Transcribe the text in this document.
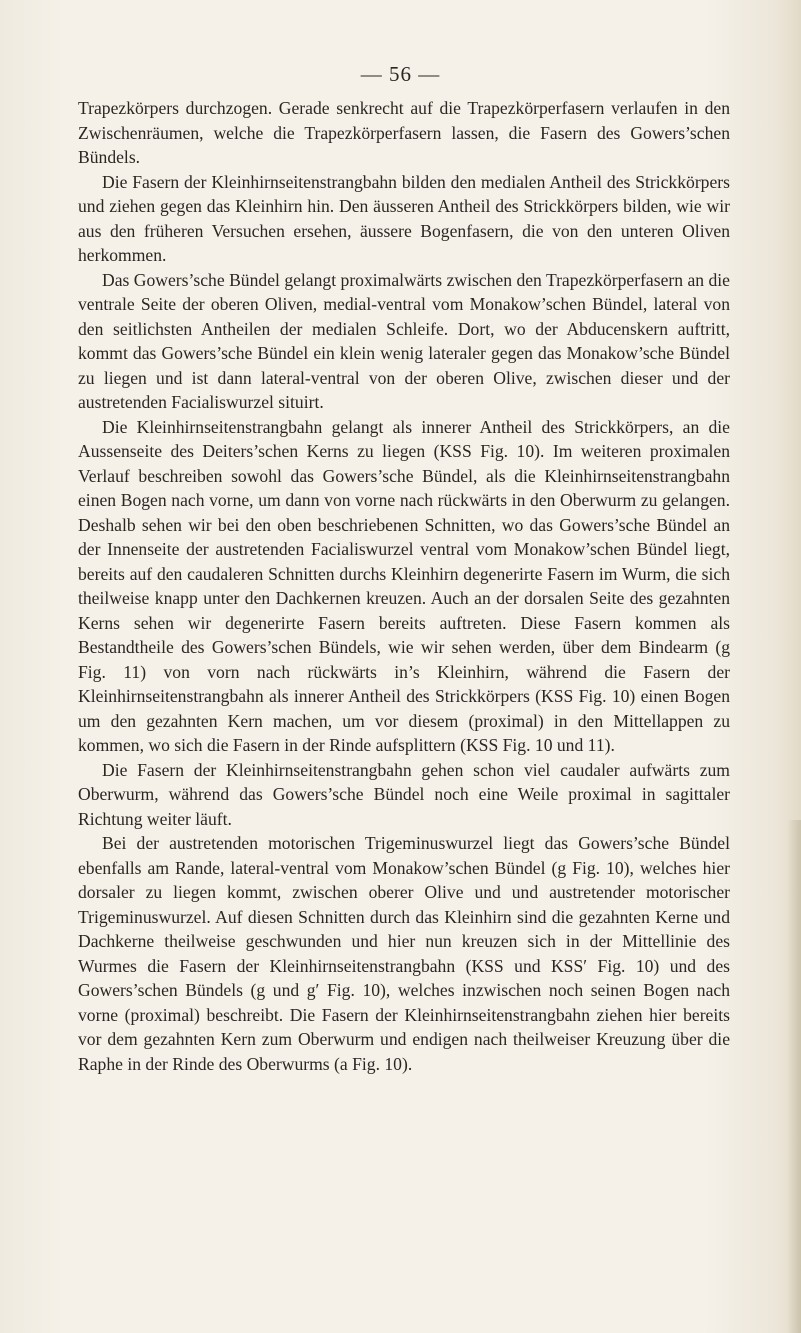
— 56 —

Trapezkörpers durchzogen. Gerade senkrecht auf die Trapezkörperfasern verlaufen in den Zwischenräumen, welche die Trapezkörperfasern lassen, die Fasern des Gowers’schen Bündels.

Die Fasern der Kleinhirnseitenstrangbahn bilden den medialen Antheil des Strickkörpers und ziehen gegen das Kleinhirn hin. Den äusseren Antheil des Strickkörpers bilden, wie wir aus den früheren Versuchen ersehen, äussere Bogenfasern, die von den unteren Oliven herkommen.

Das Gowers’sche Bündel gelangt proximalwärts zwischen den Trapezkörperfasern an die ventrale Seite der oberen Oliven, medial-ventral vom Monakow’schen Bündel, lateral von den seitlichsten Antheilen der medialen Schleife. Dort, wo der Abducenskern auftritt, kommt das Gowers’sche Bündel ein klein wenig lateraler gegen das Monakow’sche Bündel zu liegen und ist dann lateral-ventral von der oberen Olive, zwischen dieser und der austretenden Facialiswurzel situirt.

Die Kleinhirnseitenstrangbahn gelangt als innerer Antheil des Strickkörpers, an die Aussenseite des Deiters’schen Kerns zu liegen (KSS Fig. 10). Im weiteren proximalen Verlauf beschreiben sowohl das Gowers’sche Bündel, als die Kleinhirnseitenstrangbahn einen Bogen nach vorne, um dann von vorne nach rückwärts in den Oberwurm zu gelangen. Deshalb sehen wir bei den oben beschriebenen Schnitten, wo das Gowers’sche Bündel an der Innenseite der austretenden Facialiswurzel ventral vom Monakow’schen Bündel liegt, bereits auf den caudaleren Schnitten durchs Kleinhirn degenerirte Fasern im Wurm, die sich theilweise knapp unter den Dachkernen kreuzen. Auch an der dorsalen Seite des gezahnten Kerns sehen wir degenerirte Fasern bereits auftreten. Diese Fasern kommen als Bestandtheile des Gowers’schen Bündels, wie wir sehen werden, über dem Bindearm (g Fig. 11) von vorn nach rückwärts in’s Kleinhirn, während die Fasern der Kleinhirnseitenstrangbahn als innerer Antheil des Strickkörpers (KSS Fig. 10) einen Bogen um den gezahnten Kern machen, um vor diesem (proximal) in den Mittellappen zu kommen, wo sich die Fasern in der Rinde aufsplittern (KSS Fig. 10 und 11).

Die Fasern der Kleinhirnseitenstrangbahn gehen schon viel caudaler aufwärts zum Oberwurm, während das Gowers’sche Bündel noch eine Weile proximal in sagittaler Richtung weiter läuft.

Bei der austretenden motorischen Trigeminuswurzel liegt das Gowers’sche Bündel ebenfalls am Rande, lateral-ventral vom Monakow’schen Bündel (g Fig. 10), welches hier dorsaler zu liegen kommt, zwischen oberer Olive und und austretender motorischer Trigeminuswurzel. Auf diesen Schnitten durch das Kleinhirn sind die gezahnten Kerne und Dachkerne theilweise geschwunden und hier nun kreuzen sich in der Mittellinie des Wurmes die Fasern der Kleinhirnseitenstrangbahn (KSS und KSS′ Fig. 10) und des Gowers’schen Bündels (g und g′ Fig. 10), welches inzwischen noch seinen Bogen nach vorne (proximal) beschreibt. Die Fasern der Kleinhirnseitenstrangbahn ziehen hier bereits vor dem gezahnten Kern zum Oberwurm und endigen nach theilweiser Kreuzung über die Raphe in der Rinde des Oberwurms (a Fig. 10).
